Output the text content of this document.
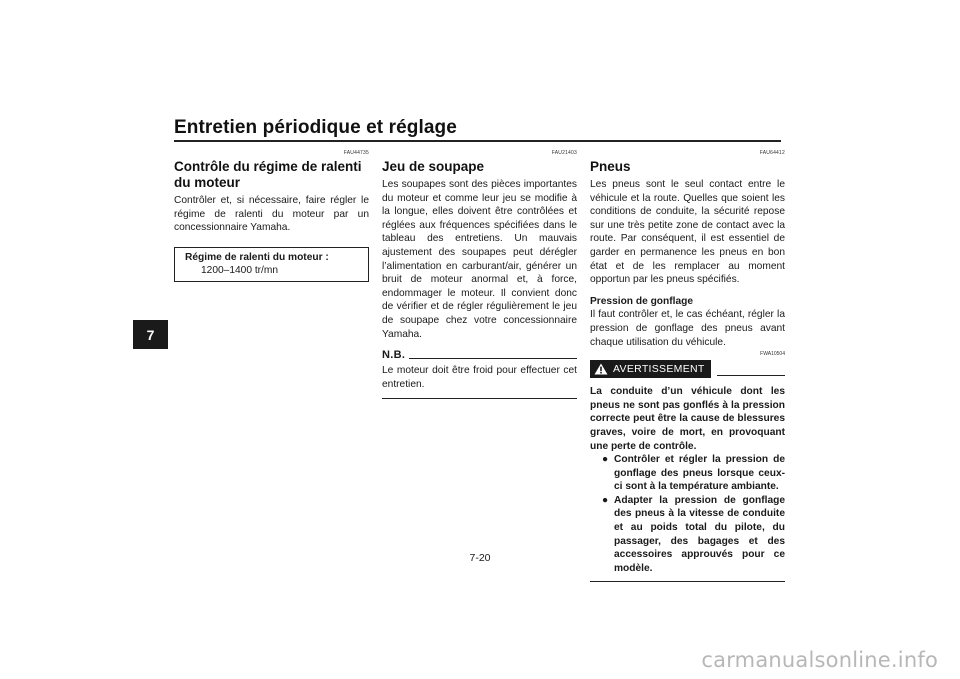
Entretien périodique et réglage
7
FAU44735
Contrôle du régime de ralenti du moteur

Contrôler et, si nécessaire, faire régler le régime de ralenti du moteur par un concessionnaire Yamaha.

Régime de ralenti du moteur :
1200–1400 tr/mn
FAU21403
Jeu de soupape

Les soupapes sont des pièces importantes du moteur et comme leur jeu se modifie à la longue, elles doivent être contrôlées et réglées aux fréquences spécifiées dans le tableau des entretiens. Un mauvais ajustement des soupapes peut dérégler l’alimentation en carburant/air, générer un bruit de moteur anormal et, à force, endommager le moteur. Il convient donc de vérifier et de régler régulièrement le jeu de soupape chez votre concessionnaire Yamaha.

N.B.

Le moteur doit être froid pour effectuer cet entretien.

FAU64412
Pneus

Les pneus sont le seul contact entre le véhicule et la route. Quelles que soient les conditions de conduite, la sécurité repose sur une très petite zone de contact avec la route. Par conséquent, il est essentiel de garder en permanence les pneus en bon état et de les remplacer au moment opportun par les pneus spécifiés.

Pression de gonflage

Il faut contrôler et, le cas échéant, régler la pression de gonflage des pneus avant chaque utilisation du véhicule.

FWA10504
AVERTISSEMENT
La conduite d’un véhicule dont les pneus ne sont pas gonflés à la pression correcte peut être la cause de blessures graves, voire de mort, en provoquant une perte de contrôle.
● Contrôler et régler la pression de gonflage des pneus lorsque ceux-ci sont à la température ambiante.
● Adapter la pression de gonflage des pneus à la vitesse de conduite et au poids total du pilote, du passager, des bagages et des accessoires approuvés pour ce modèle.
7-20
carmanualsonline.info
